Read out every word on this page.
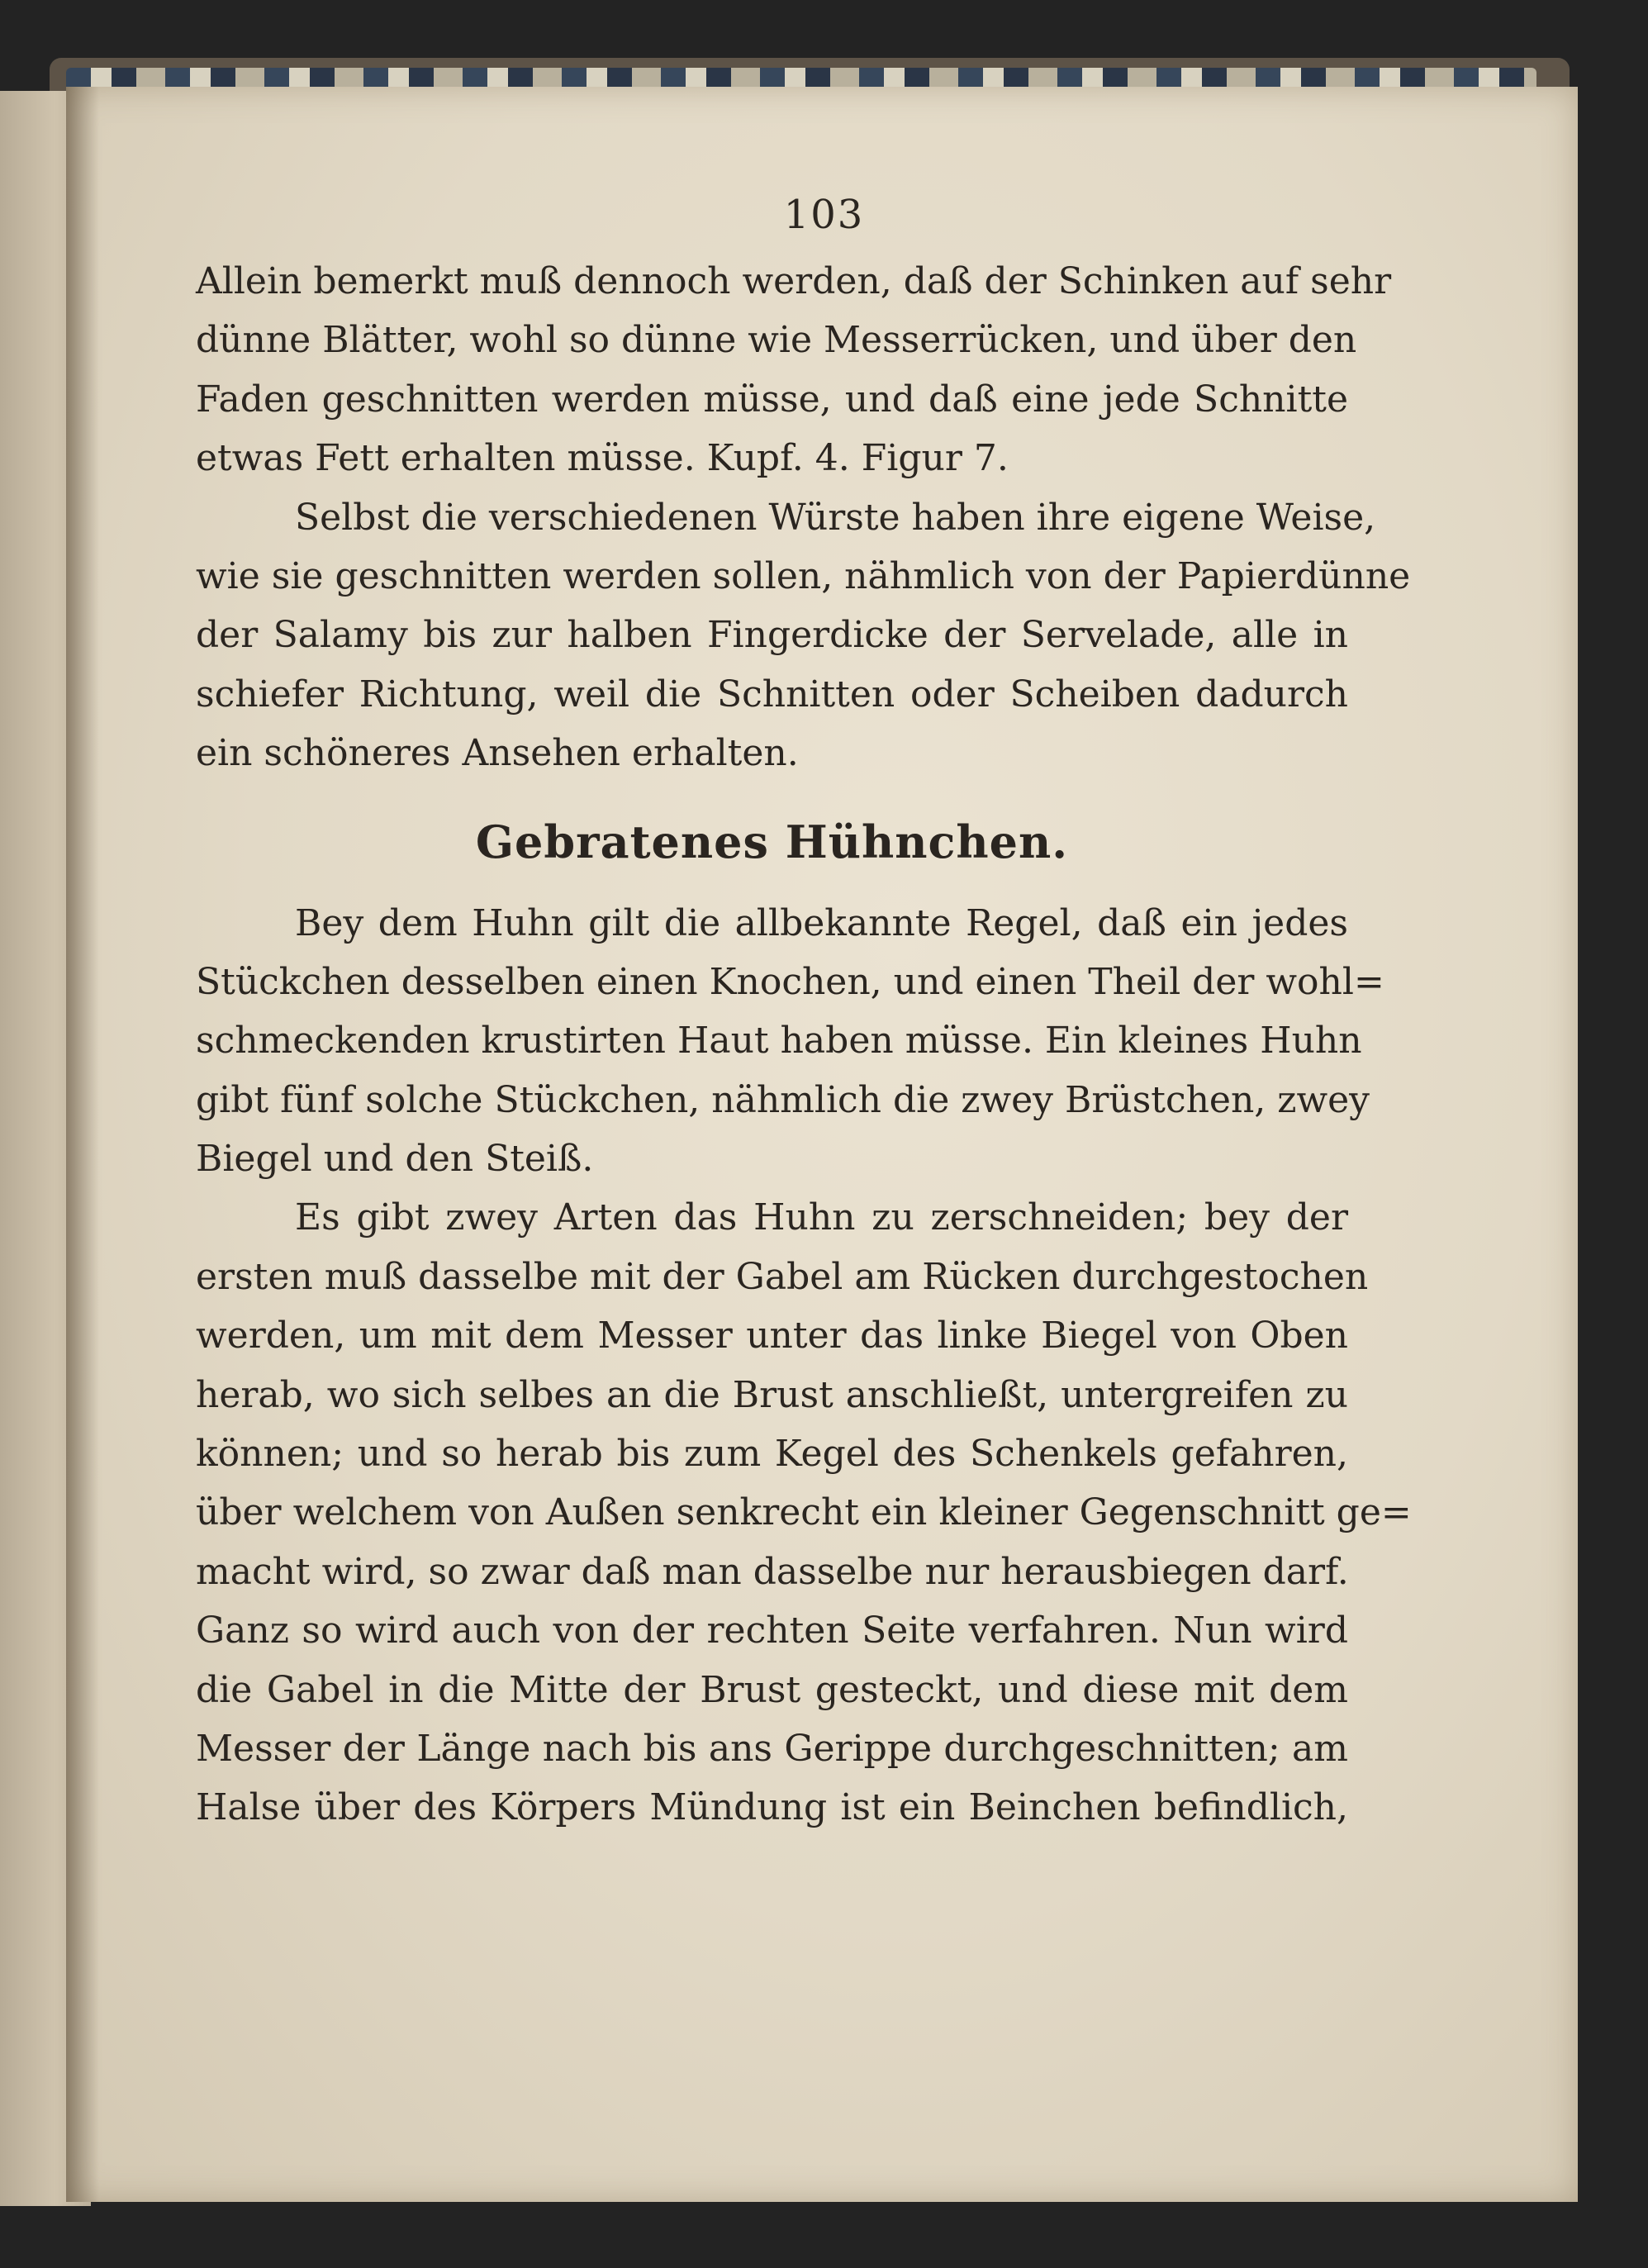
103
Allein bemerkt muß dennoch werden, daß der Schinken auf sehr
dünne Blätter, wohl so dünne wie Messerrücken, und über den
Faden geschnitten werden müsse, und daß eine jede Schnitte
etwas Fett erhalten müsse. Kupf. 4. Figur 7.
Selbst die verschiedenen Würste haben ihre eigene Weise,
wie sie geschnitten werden sollen, nähmlich von der Papierdünne
der Salamy bis zur halben Fingerdicke der Servelade, alle in
schiefer Richtung, weil die Schnitten oder Scheiben dadurch
ein schöneres Ansehen erhalten.
Gebratenes Hühnchen.
Bey dem Huhn gilt die allbekannte Regel, daß ein jedes
Stückchen desselben einen Knochen, und einen Theil der wohl=
schmeckenden krustirten Haut haben müsse. Ein kleines Huhn
gibt fünf solche Stückchen, nähmlich die zwey Brüstchen, zwey
Biegel und den Steiß.
Es gibt zwey Arten das Huhn zu zerschneiden; bey der
ersten muß dasselbe mit der Gabel am Rücken durchgestochen
werden, um mit dem Messer unter das linke Biegel von Oben
herab, wo sich selbes an die Brust anschließt, untergreifen zu
können; und so herab bis zum Kegel des Schenkels gefahren,
über welchem von Außen senkrecht ein kleiner Gegenschnitt ge=
macht wird, so zwar daß man dasselbe nur herausbiegen darf.
Ganz so wird auch von der rechten Seite verfahren. Nun wird
die Gabel in die Mitte der Brust gesteckt, und diese mit dem
Messer der Länge nach bis ans Gerippe durchgeschnitten; am
Halse über des Körpers Mündung ist ein Beinchen befindlich,
